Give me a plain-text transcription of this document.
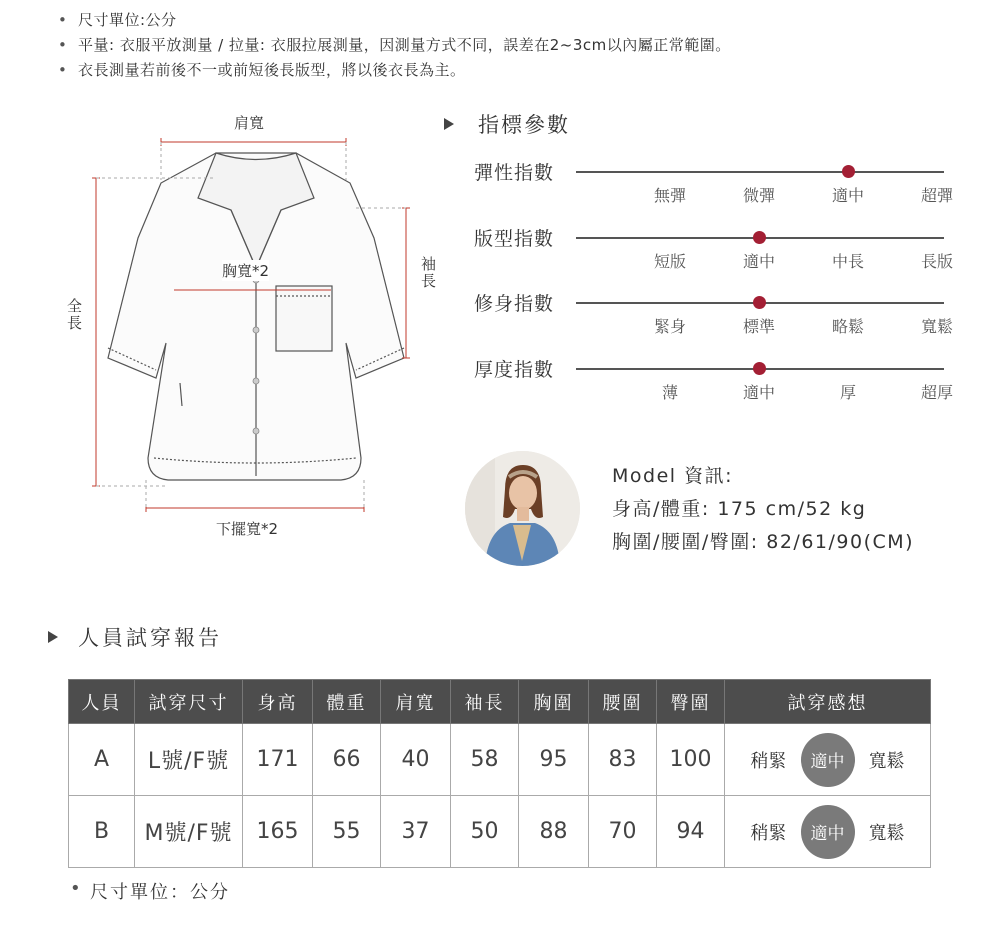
• 尺寸單位:公分
• 平量: 衣服平放測量 / 拉量: 衣服拉展測量，因測量方式不同，誤差在2~3cm以內屬正常範圍。
• 衣長測量若前後不一或前短後長版型，將以後衣長為主。
肩寬
胸寬*2	袖長
全長
下擺寬*2
指標參數
彈性指數
無彈	微彈	適中	超彈
版型指數
短版	適中	中長	長版
修身指數
緊身	標準	略鬆	寬鬆
厚度指數
薄	適中	厚	超厚
Model 資訊:
身高/體重: 175 cm/52 kg
胸圍/腰圍/臀圍: 82/61/90(CM)
人員試穿報告
人員	試穿尺寸	身高	體重	肩寬	袖長	胸圍	腰圍	臀圍	試穿感想
A	L號/F號	171	66	40	58	95	83	100	稍緊 適中 寬鬆

B	M號/F號	165	55	37	50	88	70	94	稍緊 適中 寬鬆
• 尺寸單位：公分
